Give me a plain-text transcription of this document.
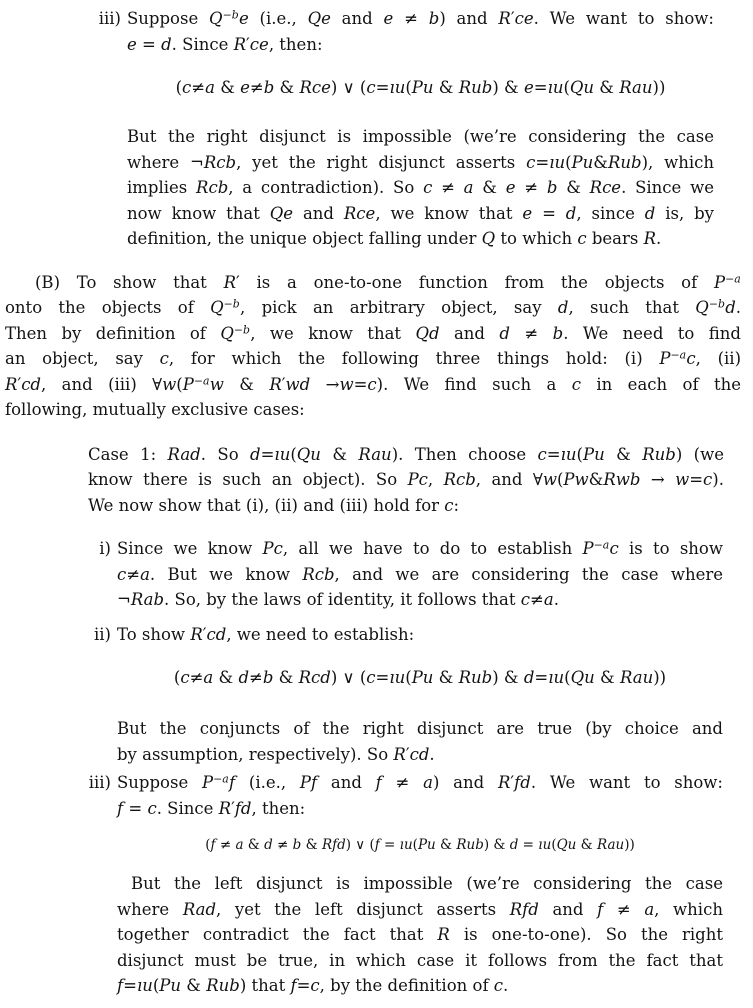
iii) Suppose $Q^{-b}e$ (i.e., Qe and e ≠ b) and R′ce. We want to show:
e = d. Since R′ce, then:
(c≠a & e≠b & Rce) ∨ (c=ıu(Pu & Rub) & e=ıu(Qu & Rau))
But the right disjunct is impossible (we’re considering the case
where ¬Rcb, yet the right disjunct asserts c=ıu(Pu&Rub), which
implies Rcb, a contradiction). So c ≠ a & e ≠ b & Rce. Since we
now know that Qe and Rce, we know that e = d, since d is, by
definition, the unique object falling under Q to which c bears R.
(B) To show that R′ is a one-to-one function from the objects of $P^{-a}$
onto the objects of $Q^{-b}$, pick an arbitrary object, say d, such that $Q^{-b}d$.
Then by definition of $Q^{-b}$, we know that Qd and d ≠ b. We need to find
an object, say c, for which the following three things hold: (i) $P^{-a}c$, (ii)
R′cd, and (iii) $\forall w(P^{-a}w$ & R′wd →w=c). We find such a c in each of the
following, mutually exclusive cases:
Case 1: Rad. So d=ıu(Qu & Rau). Then choose c=ıu(Pu & Rub) (we
know there is such an object). So Pc, Rcb, and ∀w(Pw&Rwb → w=c).
We now show that (i), (ii) and (iii) hold for c:
i) Since we know Pc, all we have to do to establish $P^{-a}c$ is to show
c≠a. But we know Rcb, and we are considering the case where
¬Rab. So, by the laws of identity, it follows that c≠a.
ii) To show R′cd, we need to establish:
(c≠a & d≠b & Rcd) ∨ (c=ıu(Pu & Rub) & d=ıu(Qu & Rau))
But the conjuncts of the right disjunct are true (by choice and
by assumption, respectively). So R′cd.
iii) Suppose $P^{-a}f$ (i.e., Pf and f ≠ a) and R′fd. We want to show:
f = c. Since R′fd, then:
(f ≠ a & d ≠ b & Rfd) ∨ (f = ıu(Pu & Rub) & d = ıu(Qu & Rau))
But the left disjunct is impossible (we’re considering the case
where Rad, yet the left disjunct asserts Rfd and f ≠ a, which
together contradict the fact that R is one-to-one). So the right
disjunct must be true, in which case it follows from the fact that
f=ıu(Pu & Rub) that f=c, by the definition of c.
